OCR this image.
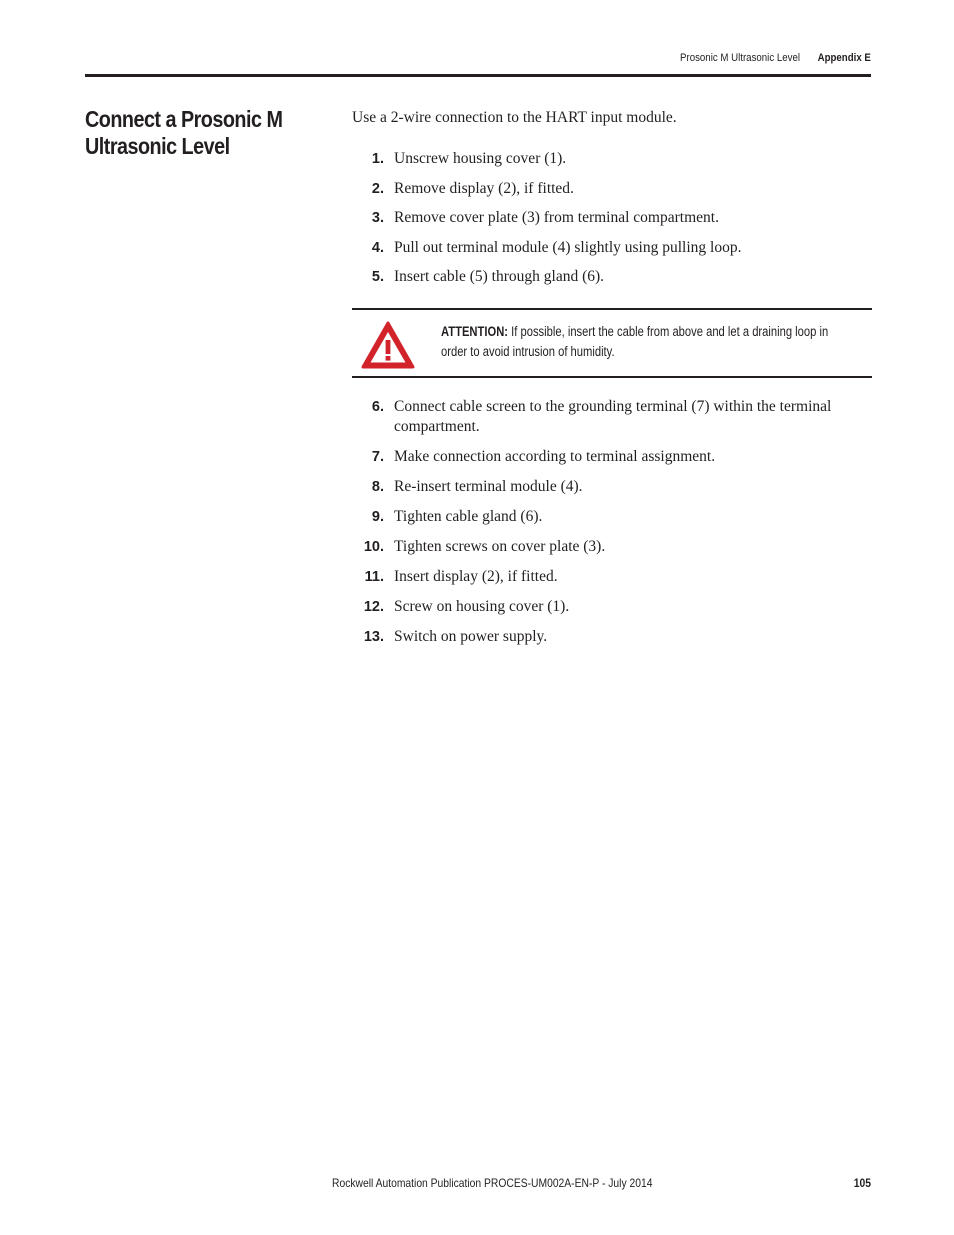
Prosonic M Ultrasonic Level Appendix E
Connect a Prosonic M Ultrasonic Level
Use a 2-wire connection to the HART input module.
1. Unscrew housing cover (1).
2. Remove display (2), if fitted.
3. Remove cover plate (3) from terminal compartment.
4. Pull out terminal module (4) slightly using pulling loop.
5. Insert cable (5) through gland (6).
ATTENTION: If possible, insert the cable from above and let a draining loop in order to avoid intrusion of humidity.
6. Connect cable screen to the grounding terminal (7) within the terminal compartment.
7. Make connection according to terminal assignment.
8. Re-insert terminal module (4).
9. Tighten cable gland (6).
10. Tighten screws on cover plate (3).
11. Insert display (2), if fitted.
12. Screw on housing cover (1).
13. Switch on power supply.
Rockwell Automation Publication PROCES-UM002A-EN-P - July 2014	105
